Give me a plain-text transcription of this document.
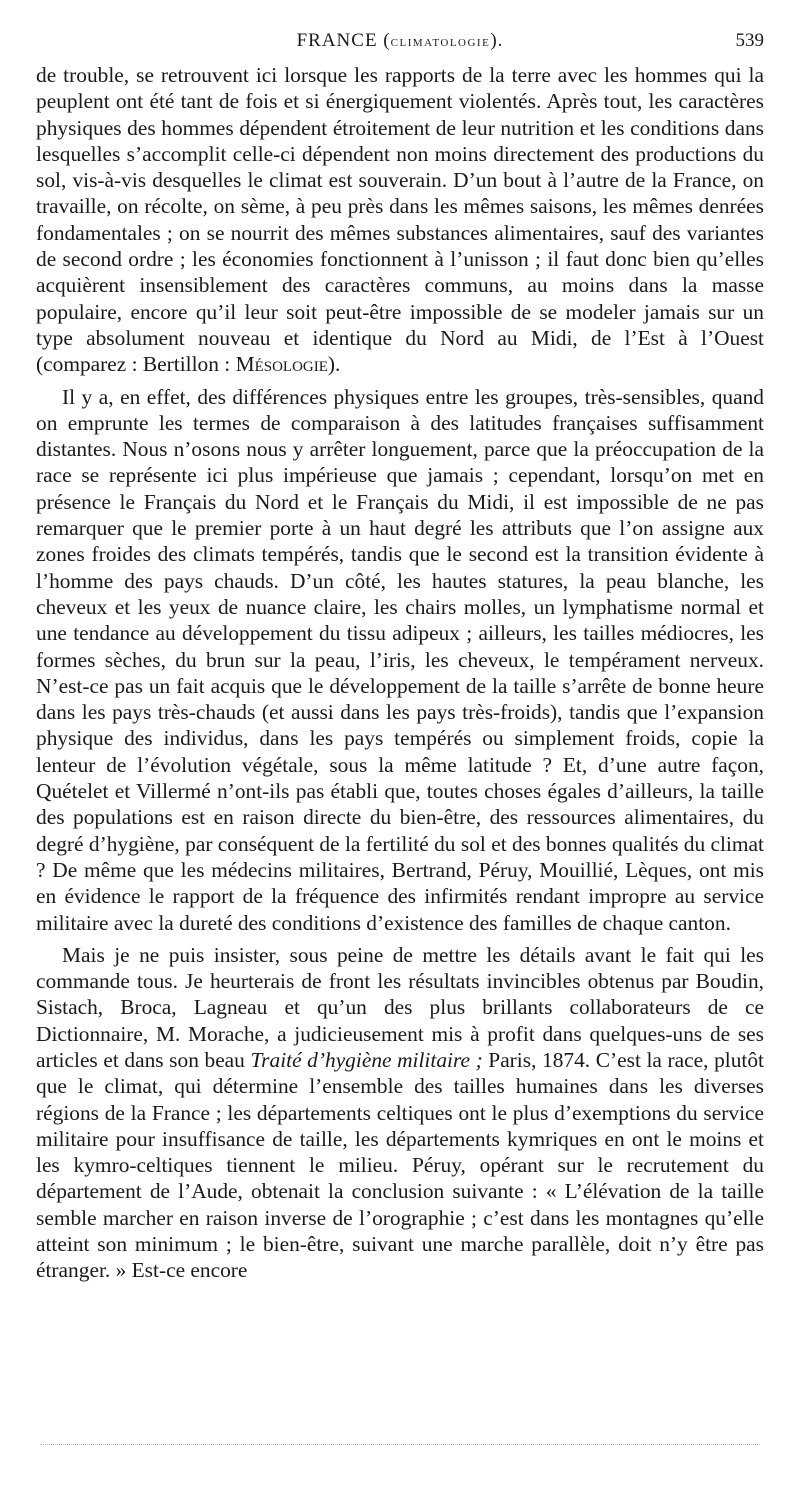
FRANCE (climatologie).	539

de trouble, se retrouvent ici lorsque les rapports de la terre avec les hommes qui la peuplent ont été tant de fois et si énergiquement violentés. Après tout, les caractères physiques des hommes dépendent étroitement de leur nutrition et les conditions dans lesquelles s’accomplit celle-ci dépendent non moins directement des productions du sol, vis-à-vis desquelles le climat est souverain. D’un bout à l’autre de la France, on travaille, on récolte, on sème, à peu près dans les mêmes saisons, les mêmes denrées fondamentales ; on se nourrit des mêmes substances alimentaires, sauf des variantes de second ordre ; les économies fonctionnent à l’unisson ; il faut donc bien qu’elles acquièrent insensiblement des caractères communs, au moins dans la masse populaire, encore qu’il leur soit peut-être impossible de se modeler jamais sur un type absolument nouveau et identique du Nord au Midi, de l’Est à l’Ouest (comparez : Bertillon : Mésologie).

Il y a, en effet, des différences physiques entre les groupes, très-sensibles, quand on emprunte les termes de comparaison à des latitudes françaises suffisamment distantes. Nous n’osons nous y arrêter longuement, parce que la préoccupation de la race se représente ici plus impérieuse que jamais ; cependant, lorsqu’on met en présence le Français du Nord et le Français du Midi, il est impossible de ne pas remarquer que le premier porte à un haut degré les attributs que l’on assigne aux zones froides des climats tempérés, tandis que le second est la transition évidente à l’homme des pays chauds. D’un côté, les hautes statures, la peau blanche, les cheveux et les yeux de nuance claire, les chairs molles, un lymphatisme normal et une tendance au développement du tissu adipeux ; ailleurs, les tailles médiocres, les formes sèches, du brun sur la peau, l’iris, les cheveux, le tempérament nerveux. N’est-ce pas un fait acquis que le développement de la taille s’arrête de bonne heure dans les pays très-chauds (et aussi dans les pays très-froids), tandis que l’expansion physique des individus, dans les pays tempérés ou simplement froids, copie la lenteur de l’évolution végétale, sous la même latitude ? Et, d’une autre façon, Quételet et Villermé n’ont-ils pas établi que, toutes choses égales d’ailleurs, la taille des populations est en raison directe du bien-être, des ressources alimentaires, du degré d’hygiène, par conséquent de la fertilité du sol et des bonnes qualités du climat ? De même que les médecins militaires, Bertrand, Péruy, Mouillié, Lèques, ont mis en évidence le rapport de la fréquence des infirmités rendant impropre au service militaire avec la dureté des conditions d’existence des familles de chaque canton.

Mais je ne puis insister, sous peine de mettre les détails avant le fait qui les commande tous. Je heurterais de front les résultats invincibles obtenus par Boudin, Sistach, Broca, Lagneau et qu’un des plus brillants collaborateurs de ce Dictionnaire, M. Morache, a judicieusement mis à profit dans quelques-uns de ses articles et dans son beau Traité d’hygiène militaire ; Paris, 1874. C’est la race, plutôt que le climat, qui détermine l’ensemble des tailles humaines dans les diverses régions de la France ; les départements celtiques ont le plus d’exemptions du service militaire pour insuffisance de taille, les départements kymriques en ont le moins et les kymro-celtiques tiennent le milieu. Péruy, opérant sur le recrutement du département de l’Aude, obtenait la conclusion suivante : « L’élévation de la taille semble marcher en raison inverse de l’orographie ; c’est dans les montagnes qu’elle atteint son minimum ; le bien-être, suivant une marche parallèle, doit n’y être pas étranger. » Est-ce encore
